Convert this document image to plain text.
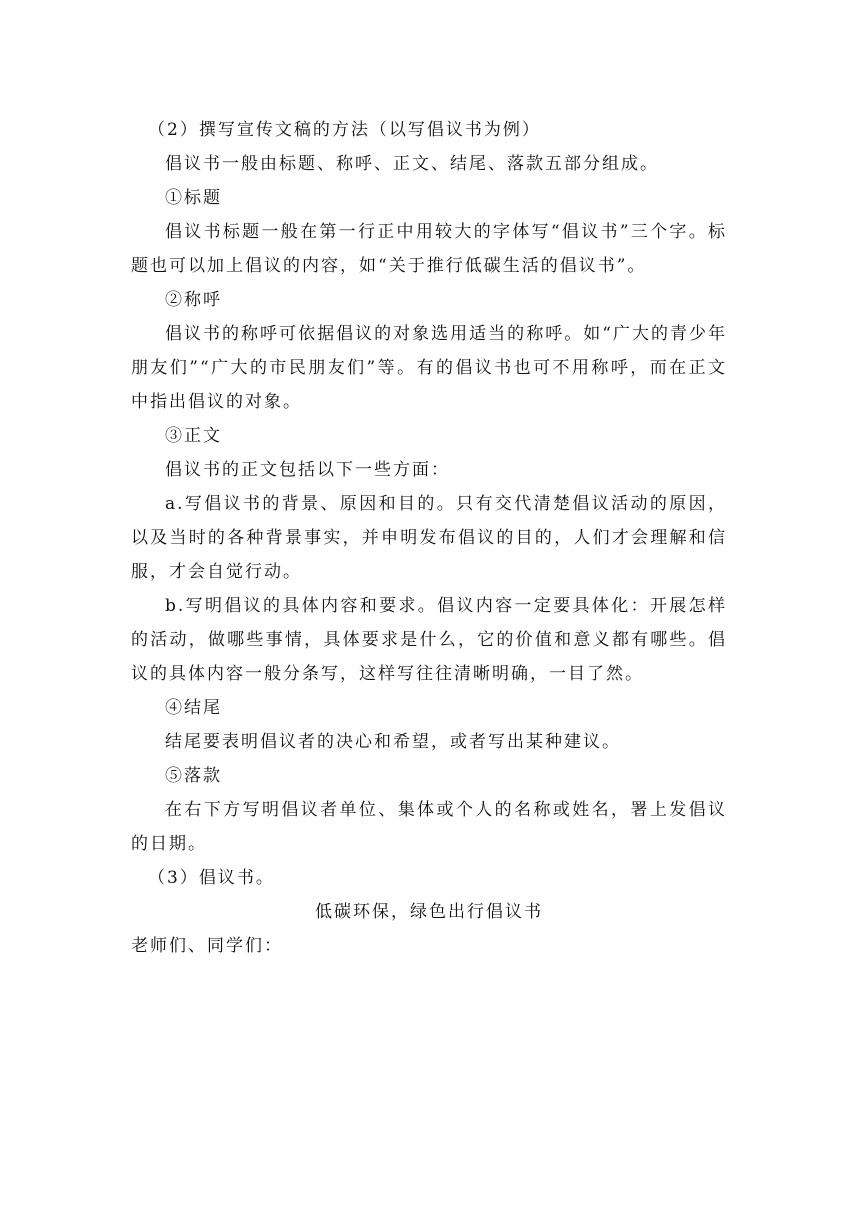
（2）撰写宣传文稿的方法（以写倡议书为例）

倡议书一般由标题、称呼、正文、结尾、落款五部分组成。

①标题

倡议书标题一般在第一行正中用较大的字体写“倡议书”三个字。标题也可以加上倡议的内容，如“关于推行低碳生活的倡议书”。

②称呼

倡议书的称呼可依据倡议的对象选用适当的称呼。如“广大的青少年朋友们”“广大的市民朋友们”等。有的倡议书也可不用称呼，而在正文中指出倡议的对象。

③正文

倡议书的正文包括以下一些方面：

a.写倡议书的背景、原因和目的。只有交代清楚倡议活动的原因，以及当时的各种背景事实，并申明发布倡议的目的，人们才会理解和信服，才会自觉行动。

b.写明倡议的具体内容和要求。倡议内容一定要具体化：开展怎样的活动，做哪些事情，具体要求是什么，它的价值和意义都有哪些。倡议的具体内容一般分条写，这样写往往清晰明确，一目了然。

④结尾

结尾要表明倡议者的决心和希望，或者写出某种建议。

⑤落款

在右下方写明倡议者单位、集体或个人的名称或姓名，署上发倡议的日期。

（3）倡议书。

低碳环保，绿色出行倡议书

老师们、同学们：
